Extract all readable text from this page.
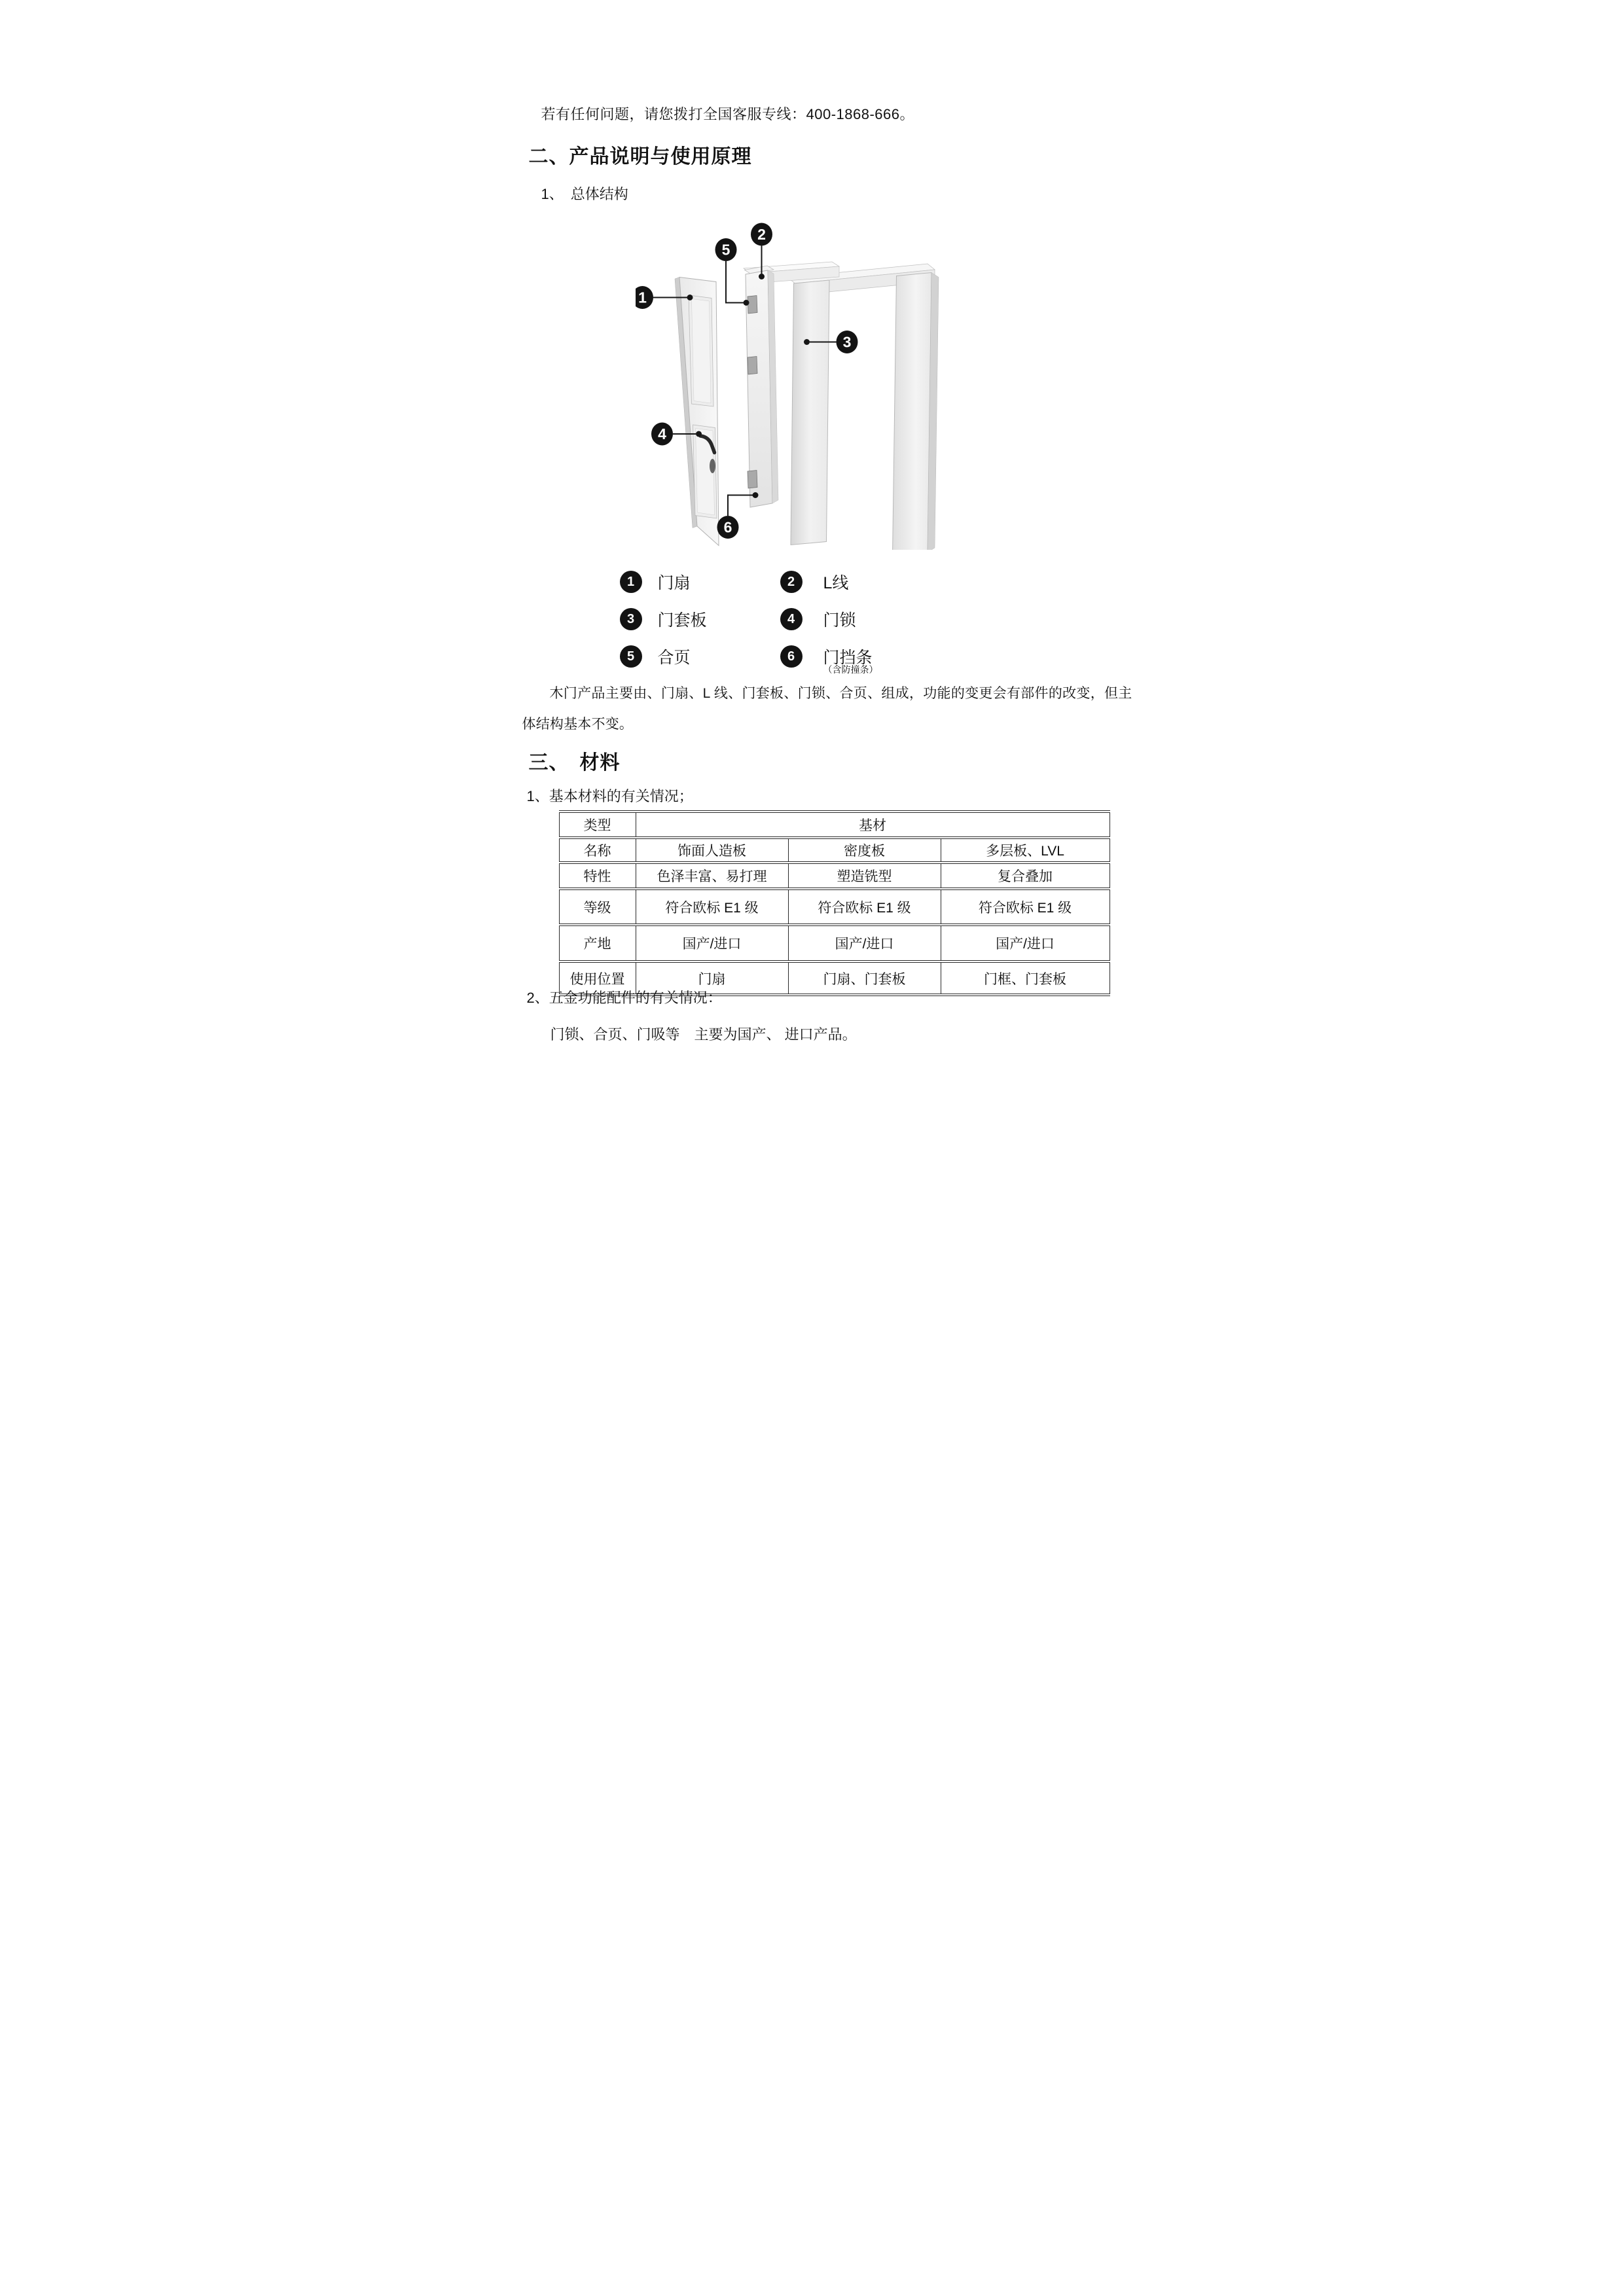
若有任何问题，请您拨打全国客服专线：400-1868-666。
二、产品说明与使用原理
1、　总体结构
1
2
3
4
5
6
1	门扇	2	L线
3	门套板	4	门锁
5	合页	6	门挡条
（含防撞条）
木门产品主要由、门扇、L 线、门套板、门锁、合页、组成，功能的变更会有部件的改变，但主体结构基本不变。
三、　材料
1、基本材料的有关情况；
类型	基材		
名称	饰面人造板	密度板	多层板、LVL
特性	色泽丰富、易打理	塑造铣型	复合叠加
等级	符合欧标 E1 级	符合欧标 E1 级	符合欧标 E1 级
产地	国产/进口	国产/进口	国产/进口
使用位置	门扇	门扇、门套板	门框、门套板
2、五金功能配件的有关情况：
门锁、合页、门吸等　主要为国产、 进口产品。
